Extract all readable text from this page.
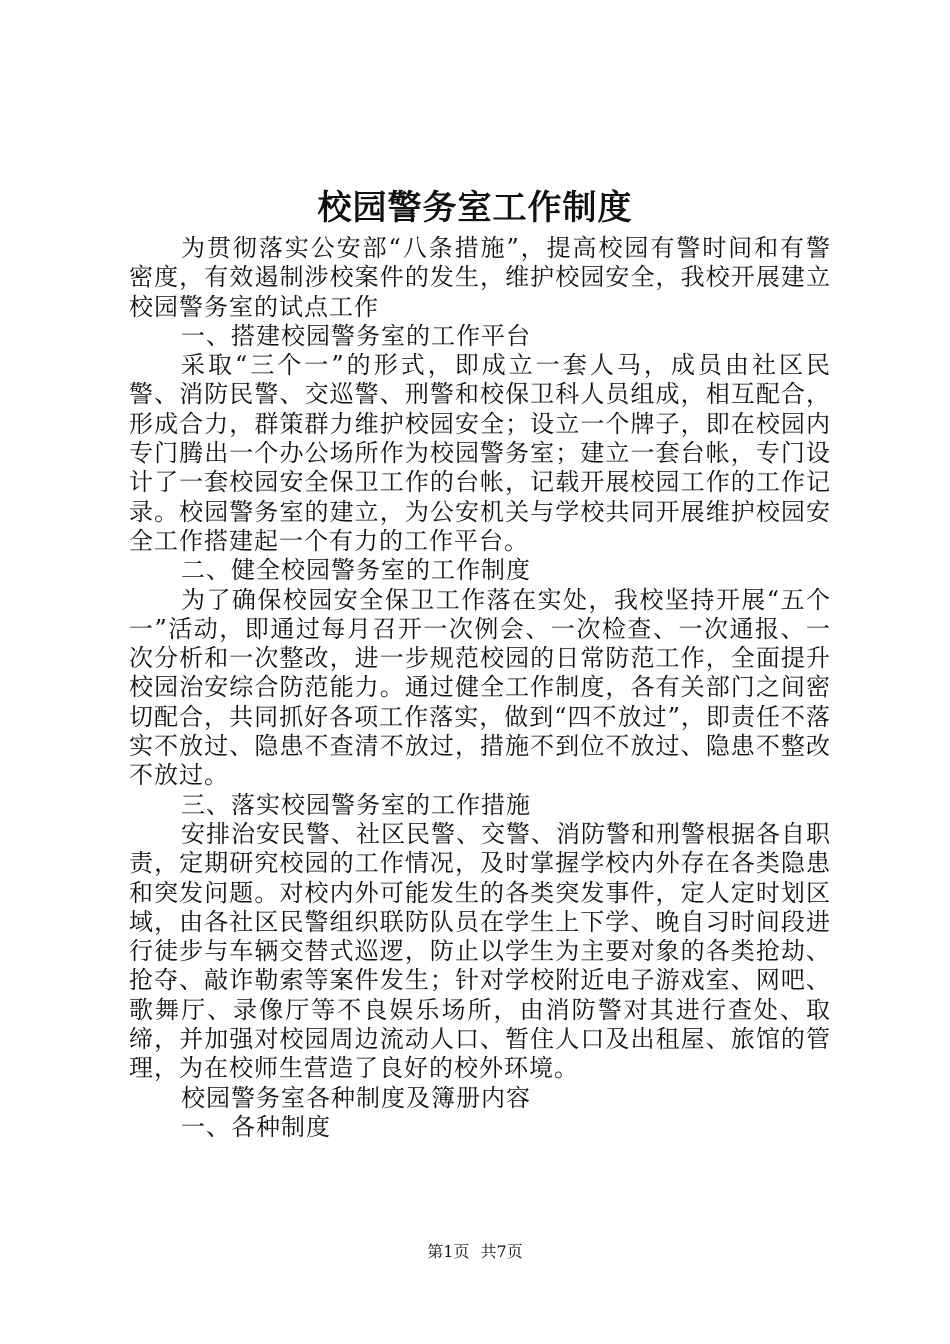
校园警务室工作制度

为贯彻落实公安部“八条措施”，提高校园有警时间和有警密度，有效遏制涉校案件的发生，维护校园安全，我校开展建立校园警务室的试点工作

一、搭建校园警务室的工作平台

采取“三个一”的形式，即成立一套人马，成员由社区民警、消防民警、交巡警、刑警和校保卫科人员组成，相互配合，形成合力，群策群力维护校园安全；设立一个牌子，即在校园内专门腾出一个办公场所作为校园警务室；建立一套台帐，专门设计了一套校园安全保卫工作的台帐，记载开展校园工作的工作记录。校园警务室的建立，为公安机关与学校共同开展维护校园安全工作搭建起一个有力的工作平台。

二、健全校园警务室的工作制度

为了确保校园安全保卫工作落在实处，我校坚持开展“五个一”活动，即通过每月召开一次例会、一次检查、一次通报、一次分析和一次整改，进一步规范校园的日常防范工作，全面提升校园治安综合防范能力。通过健全工作制度，各有关部门之间密切配合，共同抓好各项工作落实，做到“四不放过”，即责任不落实不放过、隐患不查清不放过，措施不到位不放过、隐患不整改不放过。

三、落实校园警务室的工作措施

安排治安民警、社区民警、交警、消防警和刑警根据各自职责，定期研究校园的工作情况，及时掌握学校内外存在各类隐患和突发问题。对校内外可能发生的各类突发事件，定人定时划区域，由各社区民警组织联防队员在学生上下学、晚自习时间段进行徒步与车辆交替式巡逻，防止以学生为主要对象的各类抢劫、抢夺、敲诈勒索等案件发生；针对学校附近电子游戏室、网吧、歌舞厅、录像厅等不良娱乐场所，由消防警对其进行查处、取缔，并加强对校园周边流动人口、暂住人口及出租屋、旅馆的管理，为在校师生营造了良好的校外环境。

校园警务室各种制度及簿册内容

一、各种制度

第1页 共7页
